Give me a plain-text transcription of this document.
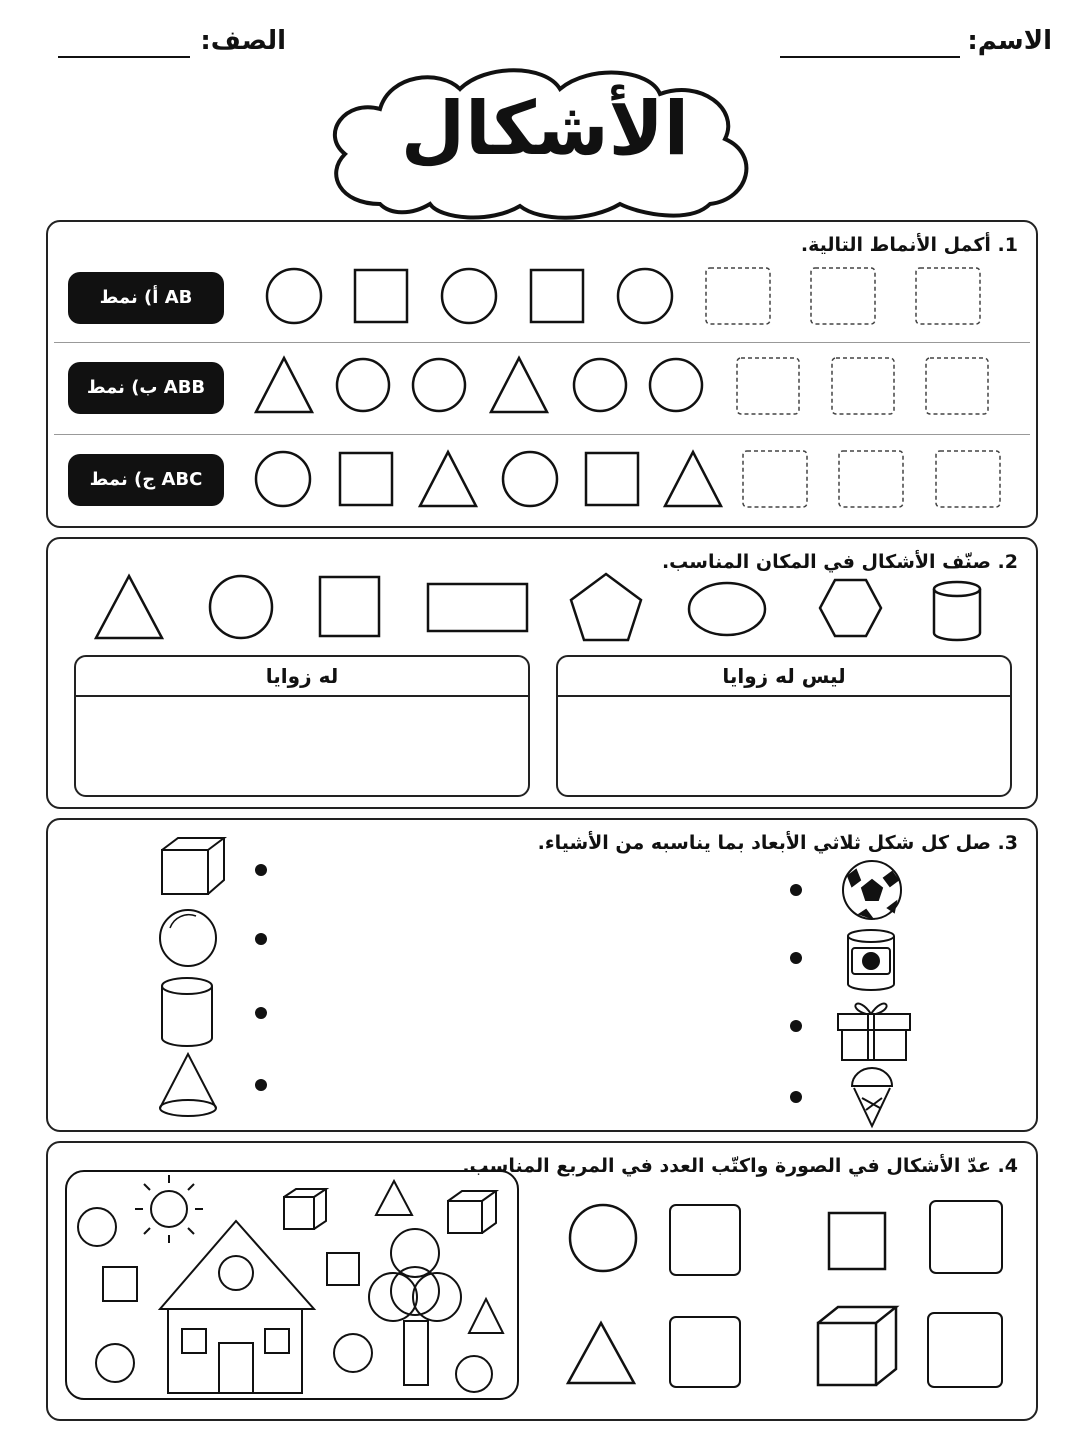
الاسم:
الصف:
الأشكال
1. أكمل الأنماط التالية.
أ) نمط AB
ب) نمط ABB
ج) نمط ABC
2. صنّف الأشكال في المكان المناسب.
له زوايا	ليس له زوايا
3. صل كل شكل ثلاثي الأبعاد بما يناسبه من الأشياء.
4. عدّ الأشكال في الصورة واكتّب العدد في المربع المناسب.
